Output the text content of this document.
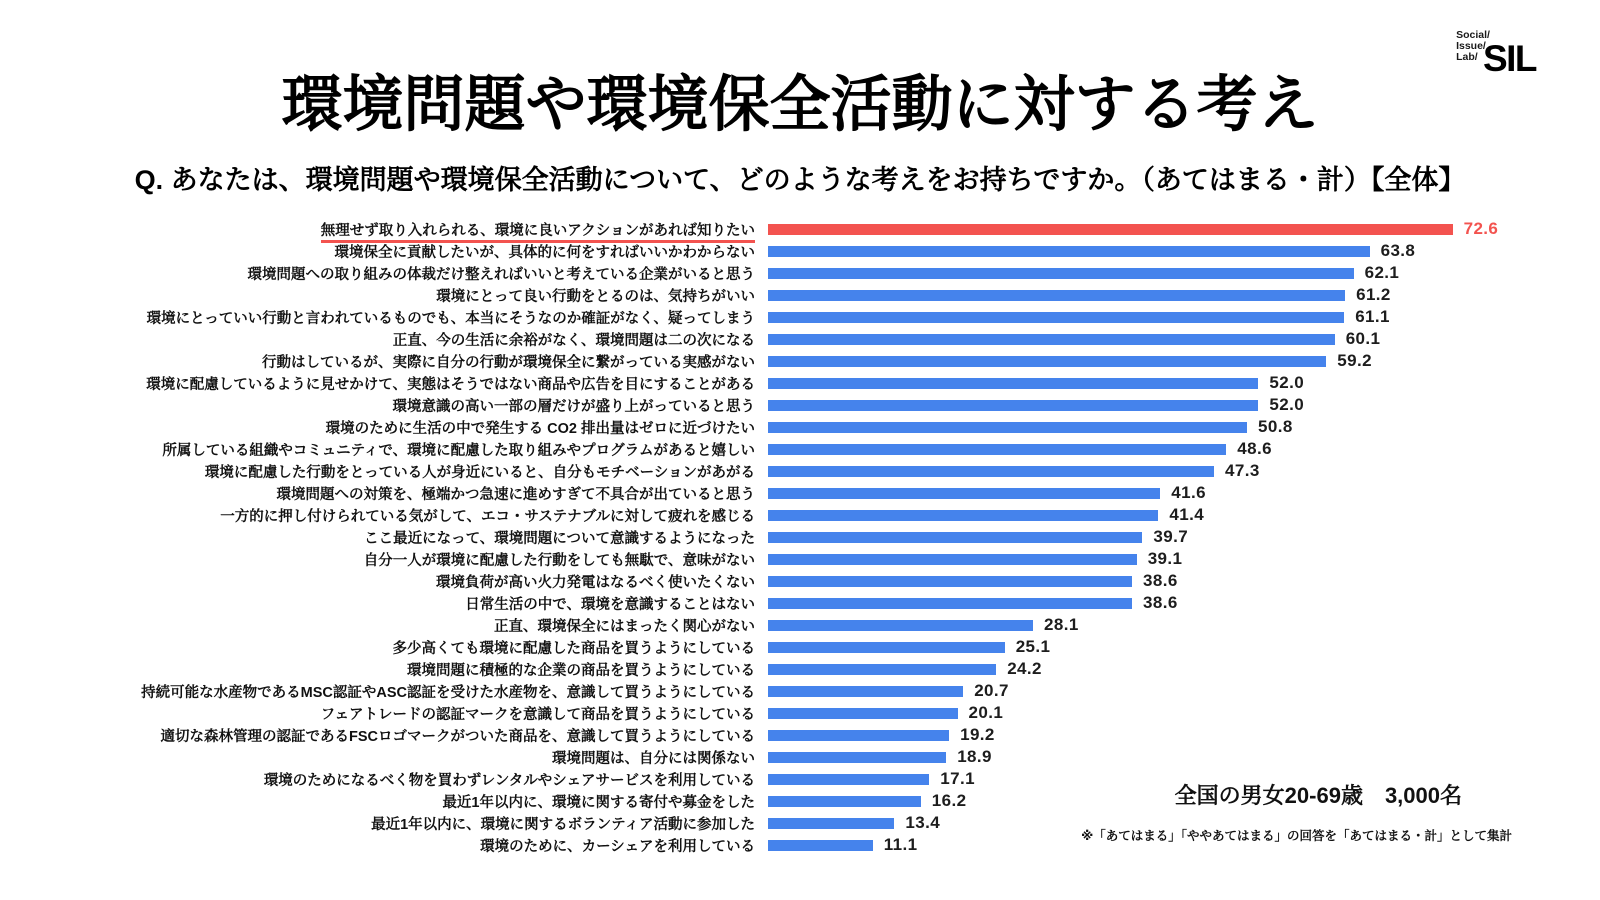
Social/
Issue/
Lab/ SIL
環境問題や環境保全活動に対する考え
Q. あなたは、環境問題や環境保全活動について、どのような考えをお持ちですか。（あてはまる・計）【全体】
無理せず取り入れられる、環境に良いアクションがあれば知りたい	72.6
環境保全に貢献したいが、具体的に何をすればいいかわからない	63.8
環境問題への取り組みの体裁だけ整えればいいと考えている企業がいると思う	62.1
環境にとって良い行動をとるのは、気持ちがいい	61.2
環境にとっていい行動と言われているものでも、本当にそうなのか確証がなく、疑ってしまう	61.1
正直、今の生活に余裕がなく、環境問題は二の次になる	60.1
行動はしているが、実際に自分の行動が環境保全に繋がっている実感がない	59.2
環境に配慮しているように見せかけて、実態はそうではない商品や広告を目にすることがある	52.0
環境意識の高い一部の層だけが盛り上がっていると思う	52.0
環境のために生活の中で発生する CO2 排出量はゼロに近づけたい	50.8
所属している組織やコミュニティで、環境に配慮した取り組みやプログラムがあると嬉しい	48.6
環境に配慮した行動をとっている人が身近にいると、自分もモチベーションがあがる	47.3
環境問題への対策を、極端かつ急速に進めすぎて不具合が出ていると思う	41.6
一方的に押し付けられている気がして、エコ・サステナブルに対して疲れを感じる	41.4
ここ最近になって、環境問題について意識するようになった	39.7
自分一人が環境に配慮した行動をしても無駄で、意味がない	39.1
環境負荷が高い火力発電はなるべく使いたくない	38.6
日常生活の中で、環境を意識することはない	38.6
正直、環境保全にはまったく関心がない	28.1
多少高くても環境に配慮した商品を買うようにしている	25.1
環境問題に積極的な企業の商品を買うようにしている	24.2
持続可能な水産物であるMSC認証やASC認証を受けた水産物を、意識して買うようにしている	20.7
フェアトレードの認証マークを意識して商品を買うようにしている	20.1
適切な森林管理の認証であるFSCロゴマークがついた商品を、意識して買うようにしている	19.2
環境問題は、自分には関係ない	18.9
環境のためになるべく物を買わずレンタルやシェアサービスを利用している	17.1
最近1年以内に、環境に関する寄付や募金をした	16.2
最近1年以内に、環境に関するボランティア活動に参加した	13.4
環境のために、カーシェアを利用している	11.1
全国の男女20-69歳　3,000名
※「あてはまる」「ややあてはまる」の回答を「あてはまる・計」として集計
